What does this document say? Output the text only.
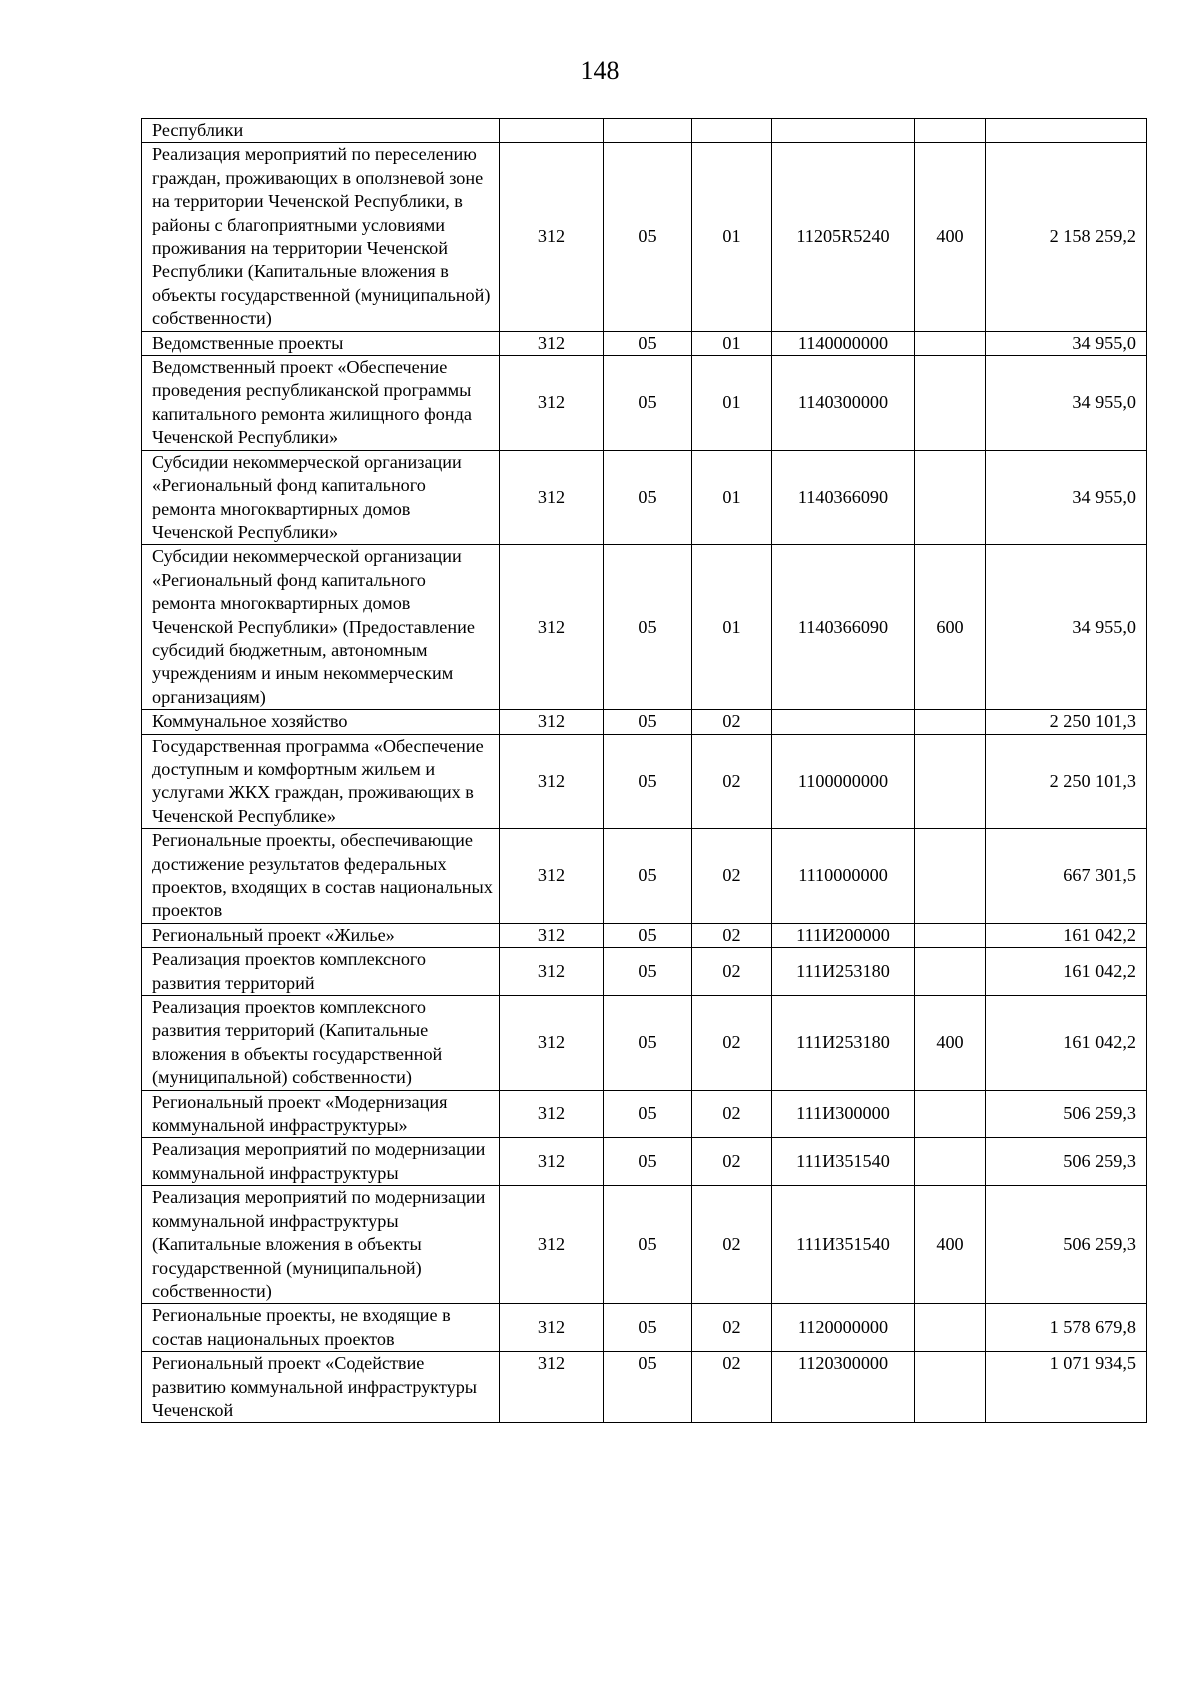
148
Республики						
Реализация мероприятий по переселению граждан, проживающих в оползневой зоне на территории Чеченской Республики, в районы с благоприятными условиями проживания на территории Чеченской Республики (Капитальные вложения в объекты государственной (муниципальной) собственности)	312	05	01	11205R5240	400	2 158 259,2
Ведомственные проекты	312	05	01	1140000000		34 955,0
Ведомственный проект «Обеспечение проведения республиканской программы капитального ремонта жилищного фонда Чеченской Республики»	312	05	01	1140300000		34 955,0
Субсидии некоммерческой организации «Региональный фонд капитального ремонта многоквартирных домов Чеченской Республики»	312	05	01	1140366090		34 955,0
Субсидии некоммерческой организации «Региональный фонд капитального ремонта многоквартирных домов Чеченской Республики» (Предоставление субсидий бюджетным, автономным учреждениям и иным некоммерческим организациям)	312	05	01	1140366090	600	34 955,0
Коммунальное хозяйство	312	05	02			2 250 101,3
Государственная программа «Обеспечение доступным и комфортным жильем и услугами ЖКХ граждан, проживающих в Чеченской Республике»	312	05	02	1100000000		2 250 101,3
Региональные проекты, обеспечивающие достижение результатов федеральных проектов, входящих в состав национальных проектов	312	05	02	1110000000		667 301,5
Региональный проект «Жилье»	312	05	02	111И200000		161 042,2
Реализация проектов комплексного развития территорий	312	05	02	111И253180		161 042,2
Реализация проектов комплексного развития территорий (Капитальные вложения в объекты государственной (муниципальной) собственности)	312	05	02	111И253180	400	161 042,2
Региональный проект «Модернизация коммунальной инфраструктуры»	312	05	02	111И300000		506 259,3
Реализация мероприятий по модернизации коммунальной инфраструктуры	312	05	02	111И351540		506 259,3
Реализация мероприятий по модернизации коммунальной инфраструктуры (Капитальные вложения в объекты государственной (муниципальной) собственности)	312	05	02	111И351540	400	506 259,3
Региональные проекты, не входящие в состав национальных проектов	312	05	02	1120000000		1 578 679,8
Региональный проект «Содействие развитию коммунальной инфраструктуры Чеченской	312	05	02	1120300000		1 071 934,5
